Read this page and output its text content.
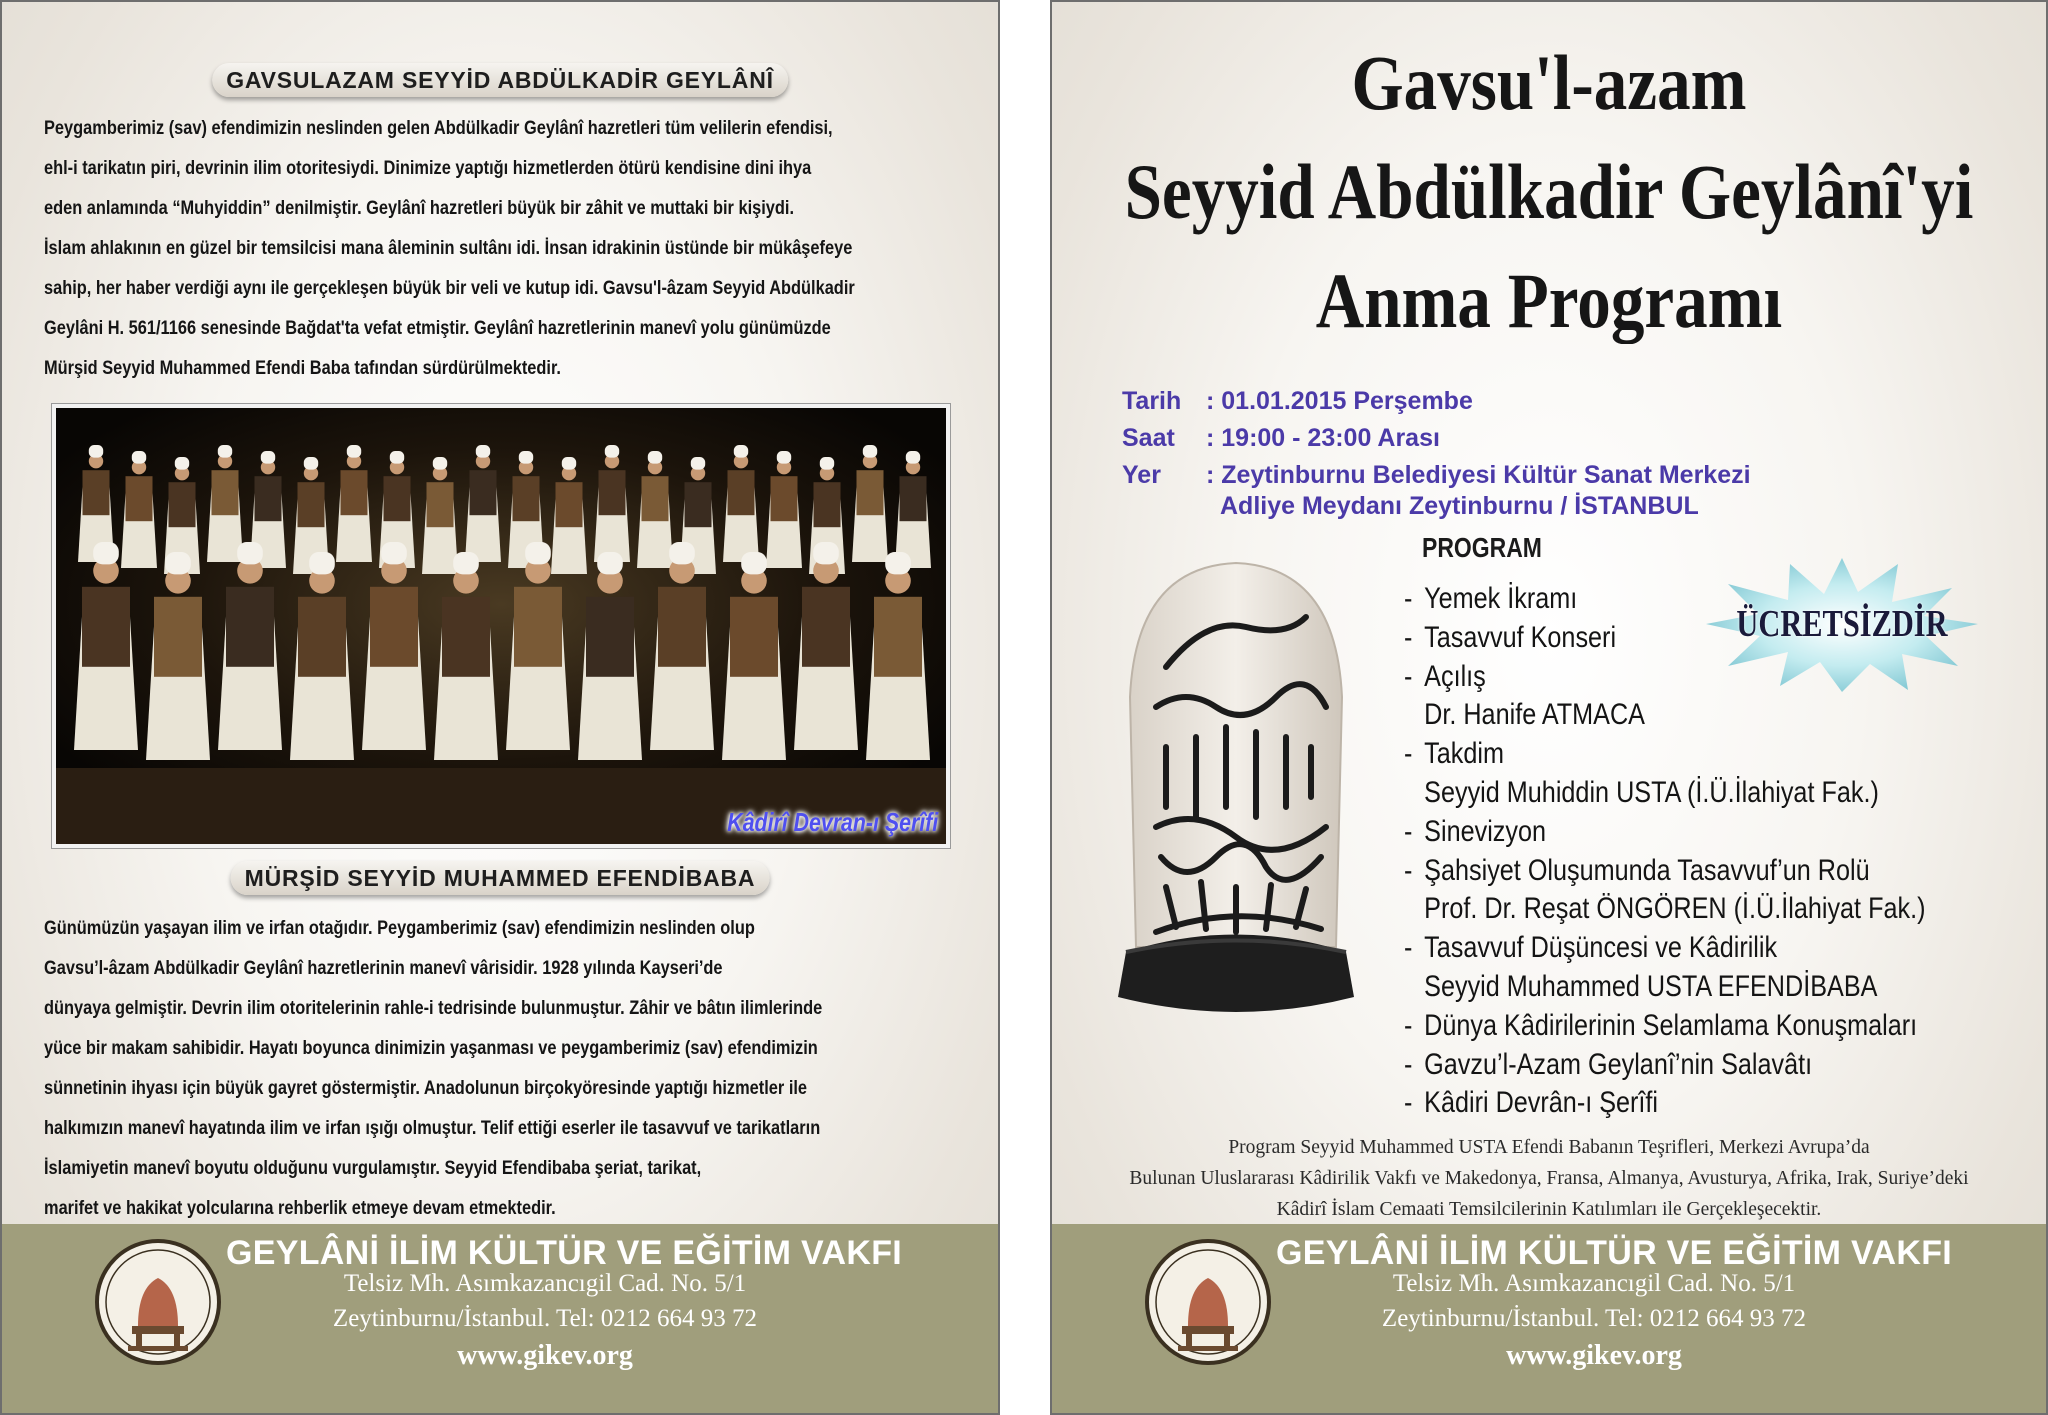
GAVSULAZAM SEYYİD ABDÜLKADİR GEYLÂNÎ
Peygamberimiz (sav) efendimizin neslinden gelen Abdülkadir Geylânî hazretleri tüm velilerin efendisi,
ehl-i tarikatın piri, devrinin ilim otoritesiydi. Dinimize yaptığı hizmetlerden ötürü kendisine dini ihya
eden anlamında “Muhyiddin” denilmiştir. Geylânî hazretleri büyük bir zâhit ve muttaki bir kişiydi.
İslam ahlakının en güzel bir temsilcisi mana âleminin sultânı idi. İnsan idrakinin üstünde bir mükâşefeye
sahip, her haber verdiği aynı ile gerçekleşen büyük bir veli ve kutup idi. Gavsu'l-âzam Seyyid Abdülkadir
Geylâni H. 561/1166 senesinde Bağdat'ta vefat etmiştir. Geylânî hazretlerinin manevî yolu günümüzde
Mürşid Seyyid Muhammed Efendi Baba tafından sürdürülmektedir.
Kâdirî Devran-ı Şerîfi
MÜRŞİD SEYYİD MUHAMMED EFENDİBABA
Günümüzün yaşayan ilim ve irfan otağıdır. Peygamberimiz (sav) efendimizin neslinden olup
Gavsu’l-âzam Abdülkadir Geylânî hazretlerinin manevî vârisidir. 1928 yılında Kayseri’de
dünyaya gelmiştir. Devrin ilim otoritelerinin rahle-i tedrisinde bulunmuştur. Zâhir ve bâtın ilimlerinde
yüce bir makam sahibidir. Hayatı boyunca dinimizin yaşanması ve peygamberimiz (sav) efendimizin
sünnetinin ihyası için büyük gayret göstermiştir. Anadolunun birçokyöresinde yaptığı hizmetler ile
halkımızın manevî hayatında ilim ve irfan ışığı olmuştur. Telif ettiği eserler ile tasavvuf ve tarikatların
İslamiyetin manevî boyutu olduğunu vurgulamıştır. Seyyid Efendibaba şeriat, tarikat,
marifet ve hakikat yolcularına rehberlik etmeye devam etmektedir.
GEYLÂNİ İLİM KÜLTÜR VE EĞİTİM VAKFI
Telsiz Mh. Asımkazancıgil Cad. No. 5/1
Zeytinburnu/İstanbul. Tel: 0212 664 93 72
www.gikev.org
Gavsu'l-azam
Seyyid Abdülkadir Geylânî'yi
Anma Programı
Tarih : 01.01.2015 Perşembe
Saat : 19:00 - 23:00 Arası
Yer : Zeytinburnu Belediyesi Kültür Sanat Merkezi
Adliye Meydanı Zeytinburnu / İSTANBUL
PROGRAM
- Yemek İkramı
- Tasavvuf Konseri
- Açılış
Dr. Hanife ATMACA
- Takdim
Seyyid Muhiddin USTA (İ.Ü.İlahiyat Fak.)
- Sinevizyon
- Şahsiyet Oluşumunda Tasavvuf’un Rolü
Prof. Dr. Reşat ÖNGÖREN (İ.Ü.İlahiyat Fak.)
- Tasavvuf Düşüncesi ve Kâdirilik
Seyyid Muhammed USTA EFENDİBABA
- Dünya Kâdirilerinin Selamlama Konuşmaları
- Gavzu’l-Azam Geylanî’nin Salavâtı
- Kâdiri Devrân-ı Şerîfi
ÜCRETSİZDİR
Program Seyyid Muhammed USTA Efendi Babanın Teşrifleri, Merkezi Avrupa’da
Bulunan Uluslararası Kâdirilik Vakfı ve Makedonya, Fransa, Almanya, Avusturya, Afrika, Irak, Suriye’deki
Kâdirî İslam Cemaati Temsilcilerinin Katılımları ile Gerçekleşecektir.
GEYLÂNİ İLİM KÜLTÜR VE EĞİTİM VAKFI
Telsiz Mh. Asımkazancıgil Cad. No. 5/1
Zeytinburnu/İstanbul. Tel: 0212 664 93 72
www.gikev.org
